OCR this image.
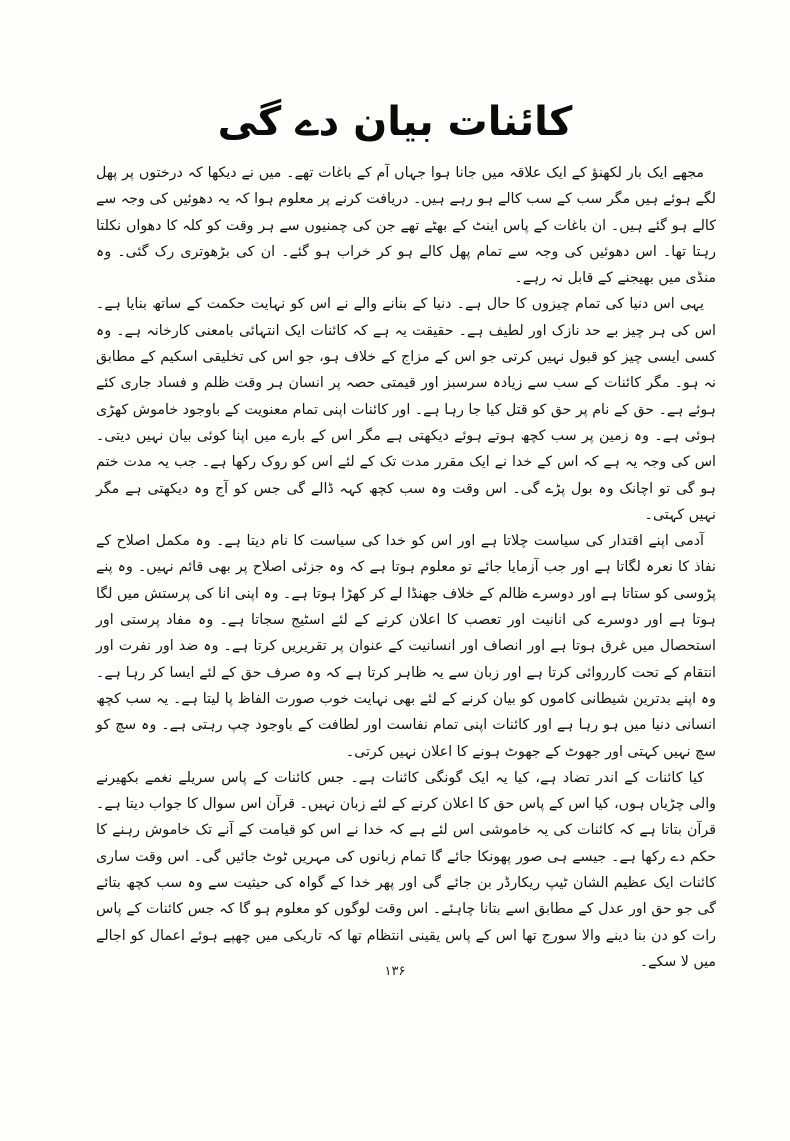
کائنات بیان دے گی

مجھے ایک بار لکھنؤ کے ایک علاقہ میں جانا ہوا جہاں آم کے باغات تھے۔ میں نے دیکھا کہ درختوں پر پھل لگے ہوئے ہیں مگر سب کے سب کالے ہو رہے ہیں۔ دریافت کرنے پر معلوم ہوا کہ یہ دھوئیں کی وجہ سے کالے ہو گئے ہیں۔ ان باغات کے پاس اینٹ کے بھٹے تھے جن کی چمنیوں سے ہر وقت کو کلہ کا دھواں نکلتا رہتا تھا۔ اس دھوئیں کی وجہ سے تمام پھل کالے ہو کر خراب ہو گئے۔ ان کی بڑھوتری رک گئی۔ وہ منڈی میں بھیجنے کے قابل نہ رہے۔

یہی اس دنیا کی تمام چیزوں کا حال ہے۔ دنیا کے بنانے والے نے اس کو نہایت حکمت کے ساتھ بنایا ہے۔ اس کی ہر چیز بے حد نازک اور لطیف ہے۔ حقیقت یہ ہے کہ کائنات ایک انتہائی بامعنی کارخانہ ہے۔ وہ کسی ایسی چیز کو قبول نہیں کرتی جو اس کے مزاج کے خلاف ہو، جو اس کی تخلیقی اسکیم کے مطابق نہ ہو۔ مگر کائنات کے سب سے زیادہ سرسبز اور قیمتی حصہ پر انسان ہر وقت ظلم و فساد جاری کئے ہوئے ہے۔ حق کے نام پر حق کو قتل کیا جا رہا ہے۔ اور کائنات اپنی تمام معنویت کے باوجود خاموش کھڑی ہوئی ہے۔ وہ زمین پر سب کچھ ہوتے ہوئے دیکھتی ہے مگر اس کے بارے میں اپنا کوئی بیان نہیں دیتی۔ اس کی وجہ یہ ہے کہ اس کے خدا نے ایک مقرر مدت تک کے لئے اس کو روک رکھا ہے۔ جب یہ مدت ختم ہو گی تو اچانک وہ بول پڑے گی۔ اس وقت وہ سب کچھ کہہ ڈالے گی جس کو آج وہ دیکھتی ہے مگر نہیں کہتی۔

آدمی اپنے اقتدار کی سیاست چلاتا ہے اور اس کو خدا کی سیاست کا نام دیتا ہے۔ وہ مکمل اصلاح کے نفاذ کا نعرہ لگاتا ہے اور جب آزمایا جائے تو معلوم ہوتا ہے کہ وہ جزئی اصلاح پر بھی قائم نہیں۔ وہ پنے پڑوسی کو ستاتا ہے اور دوسرے ظالم کے خلاف جھنڈا لے کر کھڑا ہوتا ہے۔ وہ اپنی انا کی پرستش میں لگا ہوتا ہے اور دوسرے کی انانیت اور تعصب کا اعلان کرنے کے لئے اسٹیج سجاتا ہے۔ وہ مفاد پرستی اور استحصال میں غرق ہوتا ہے اور انصاف اور انسانیت کے عنوان پر تقریریں کرتا ہے۔ وہ ضد اور نفرت اور انتقام کے تحت کارروائی کرتا ہے اور زبان سے یہ ظاہر کرتا ہے کہ وہ صرف حق کے لئے ایسا کر رہا ہے۔ وہ اپنے بدترین شیطانی کاموں کو بیان کرنے کے لئے بھی نہایت خوب صورت الفاظ پا لیتا ہے۔ یہ سب کچھ انسانی دنیا میں ہو رہا ہے اور کائنات اپنی تمام نفاست اور لطافت کے باوجود چپ رہتی ہے۔ وہ سچ کو سچ نہیں کہتی اور جھوٹ کے جھوٹ ہونے کا اعلان نہیں کرتی۔

کیا کائنات کے اندر تضاد ہے، کیا یہ ایک گونگی کائنات ہے۔ جس کائنات کے پاس سریلے نغمے بکھیرنے والی چڑیاں ہوں، کیا اس کے پاس حق کا اعلان کرنے کے لئے زبان نہیں۔ قرآن اس سوال کا جواب دیتا ہے۔ قرآن بتاتا ہے کہ کائنات کی یہ خاموشی اس لئے ہے کہ خدا نے اس کو قیامت کے آنے تک خاموش رہنے کا حکم دے رکھا ہے۔ جیسے ہی صور پھونکا جائے گا تمام زبانوں کی مہریں ٹوٹ جائیں گی۔ اس وقت ساری کائنات ایک عظیم الشان ٹیپ ریکارڈر بن جائے گی اور پھر خدا کے گواہ کی حیثیت سے وہ سب کچھ بتائے گی جو حق اور عدل کے مطابق اسے بتانا چاہئے۔ اس وقت لوگوں کو معلوم ہو گا کہ جس کائنات کے پاس رات کو دن بنا دینے والا سورج تھا اس کے پاس یقینی انتظام تھا کہ تاریکی میں چھپے ہوئے اعمال کو اجالے میں لا سکے۔

۱۳۶
